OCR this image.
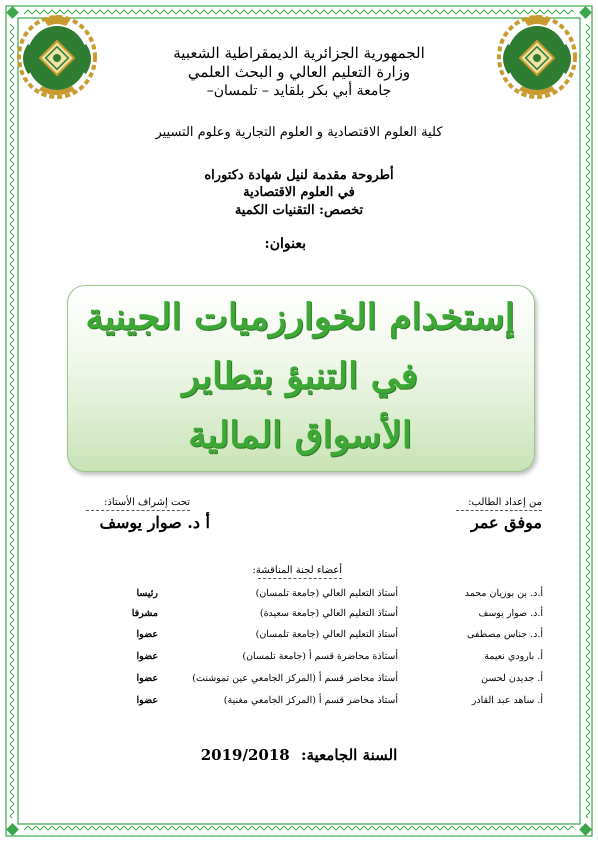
الجمهورية الجزائرية الديمقراطية الشعبية
وزارة التعليم العالي و البحث العلمي
جامعة أبي بكر بلقايد – تلمسان–
كلية العلوم الاقتصادية و العلوم التجارية وعلوم التسيير
أطروحة مقدمة لنيل شهادة دكتوراه
في العلوم الاقتصادية
تخصص: التقنيات الكمية
بعنوان:
إستخدام الخوارزميات الجينية
في التنبؤ بتطاير
الأسواق المالية
من إعداد الطالب:
موفق عمر
تحت إشراف الأستاذ:
أ د. صوار يوسف
أعضاء لجنة المناقشة:
أ.د. بن بوزيان محمد
أستاذ التعليم العالي (جامعة تلمسان)
رئيسا
أ.د. صوار يوسف
أستاذ التعليم العالي (جامعة سعيدة)
مشرفا
أ.د. جناس مصطفى
أستاذ التعليم العالي (جامعة تلمسان)
عضوا
أ. بارودي نعيمة
أستاذة محاضرة قسم أ (جامعة تلمسان)
عضوا
أ. جديدن لحسن
أستاذ محاضر قسم أ (المركز الجامعي عين تموشنت)
عضوا
أ. ساهد عبد القادر
أستاذ محاضر قسم أ (المركز الجامعي مغنية)
عضوا
السنة الجامعية: 2019/2018
